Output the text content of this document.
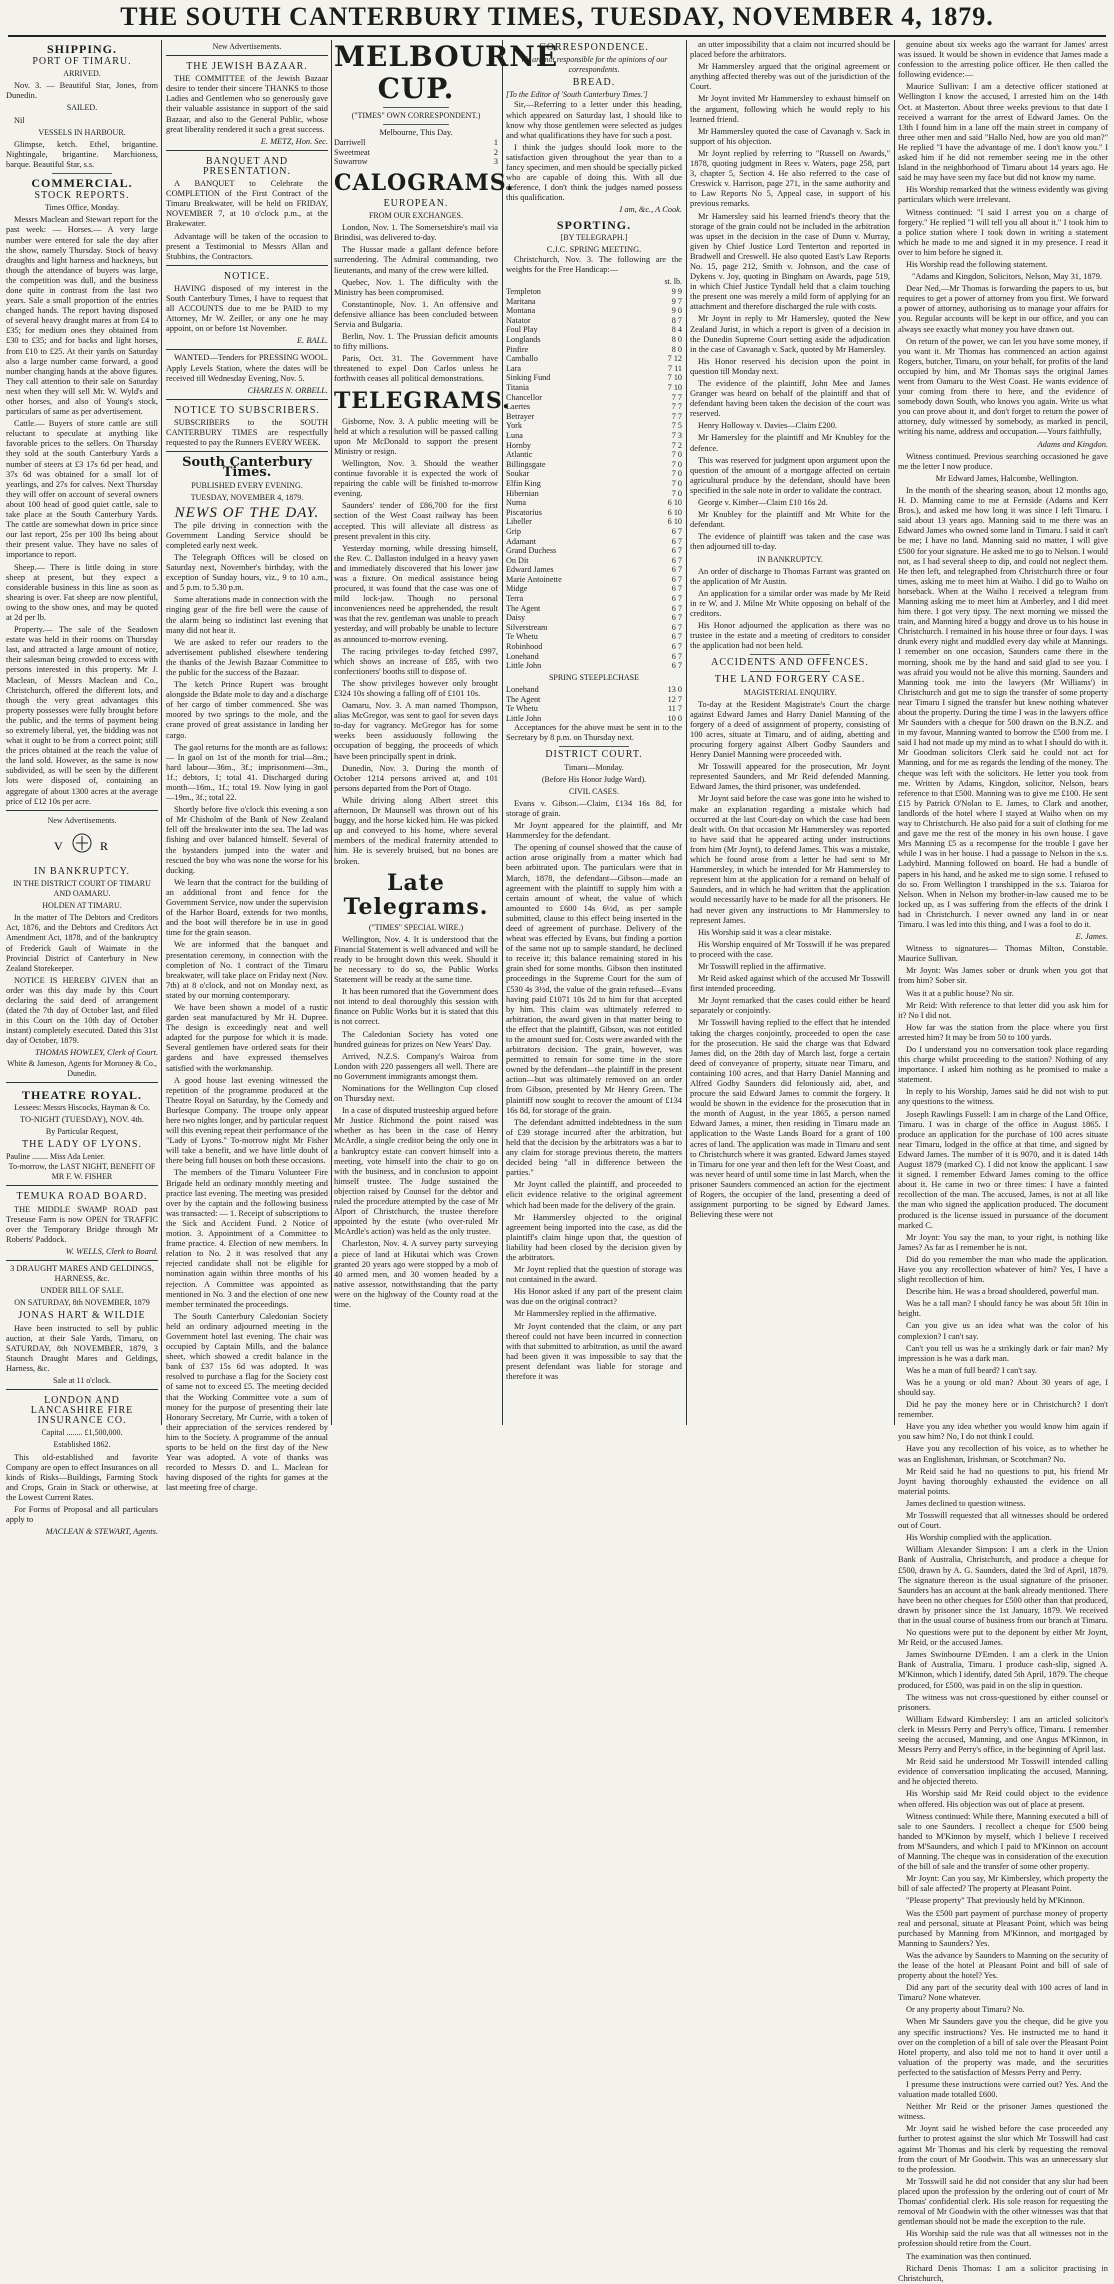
THE SOUTH CANTERBURY TIMES, TUESDAY, NOVEMBER 4, 1879.
SHIPPING.
PORT OF TIMARU.
ARRIVED.

Nov. 3. — Beautiful Star, Jones, from Dunedin.

SAILED.

Nil

VESSELS IN HARBOUR.

Glimpse, ketch. Ethel, brigantine. Nightingale, brigantine. Marchioness, barque. Beautiful Star, s.s.

COMMERCIAL.
STOCK REPORTS.
Times Office, Monday.

Messrs Maclean and Stewart report for the past week: — Horses.— A very large number were entered for sale the day after the show, namely Thursday. Stock of heavy draughts and light harness and hackneys, but though the attendance of buyers was large, the competition was dull, and the business done quite in contrast from the last two years. Sale a small proportion of the entries changed hands. The report having disposed of several heavy draught mares at from £4 to £35; for medium ones they obtained from £30 to £35; and for backs and light horses, from £10 to £25. At their yards on Saturday also a large number came forward, a good number changing hands at the above figures. They call attention to their sale on Saturday next when they will sell Mr. W. Wyld's and other horses, and also of Young's stock, particulars of same as per advertisement.

Cattle.— Buyers of store cattle are still reluctant to speculate at anything like favorable prices to the sellers. On Thursday they sold at the south Canterbury Yards a number of steers at £3 17s 6d per head, and 37s 6d was obtained for a small lot of yearlings, and 27s for calves. Next Thursday they will offer on account of several owners about 100 head of good quiet cattle, sale to take place at the South Canterbury Yards. The cattle are somewhat down in price since our last report, 25s per 100 lbs being about their present value. They have no sales of importance to report.

Sheep.— There is little doing in store sheep at present, but they expect a considerable business in this line as soon as shearing is over. Fat sheep are now plentiful, owing to the show ones, and may be quoted at 2d per lb.

Property.— The sale of the Seadown estate was held in their rooms on Thursday last, and attracted a large amount of notice, their salesman being crowded to excess with persons interested in this property. Mr J. Maclean, of Messrs Maclean and Co., Christchurch, offered the different lots, and though the very great advantages this property possesses were fully brought before the public, and the terms of payment being so extremely liberal, yet, the bidding was not what it ought to be from a correct point; still the prices obtained at the reach the value of the land sold. However, as the same is now subdivided, as will be seen by the different lots were disposed of, containing an aggregate of about 1300 acres at the average price of £12 10s per acre.

New Advertisements.
V	R
IN BANKRUPTCY.
IN THE DISTRICT COURT OF TIMARU AND OAMARU.
HOLDEN AT TIMARU.

In the matter of The Debtors and Creditors Act, 1876, and the Debtors and Creditors Act Amendment Act, 1878, and of the bankruptcy of Frederick Gault of Waimate in the Provincial District of Canterbury in New Zealand Storekeeper.

NOTICE IS HEREBY GIVEN that an order was this day made by this Court declaring the said deed of arrangement (dated the 7th day of October last, and filed in this Court on the 10th day of October instant) completely executed. Dated this 31st day of October, 1879.

THOMAS HOWLEY, Clerk of Court.
White & Jameson, Agents for Moroney & Co., Dunedin.
THEATRE ROYAL.
Lessees: Messrs Hiscocks, Hayman & Co.
TO-NIGHT (TUESDAY), NOV. 4th.
By Particular Request,
THE LADY OF LYONS.
Pauline ........ Miss Ada Lenier.
To-morrow, the LAST NIGHT, BENEFIT OF MR F. W. FISHER
TEMUKA ROAD BOARD.

THE MIDDLE SWAMP ROAD past Treseuse Farm is now OPEN for TRAFFIC over the Temporary Bridge through Mr Roberts' Paddock.

W. WELLS, Clerk to Board.
3 DRAUGHT MARES AND GELDINGS, HARNESS, &c.
UNDER BILL OF SALE.
ON SATURDAY, 8th NOVEMBER, 1879
JONAS HART & WILDIE

Have been instructed to sell by public auction, at their Sale Yards, Timaru, on SATURDAY, 8th NOVEMBER, 1879, 3 Staunch Draught Mares and Geldings, Harness, &c.

Sale at 11 o'clock.
LONDON AND LANCASHIRE FIRE INSURANCE CO.
Capital ........ £1,500,000.
Established 1862.

This old-established and favorite Company are open to effect Insurances on all kinds of Risks—Buildings, Farming Stock and Crops, Grain in Stack or otherwise, at the Lowest Current Rates.

For Forms of Proposal and all particulars apply to

MACLEAN & STEWART, Agents.
New Advertisements.
THE JEWISH BAZAAR.

THE COMMITTEE of the Jewish Bazaar desire to tender their sincere THANKS to those Ladies and Gentlemen who so generously gave their valuable assistance in support of the said Bazaar, and also to the General Public, whose great liberality rendered it such a great success.

E. METZ, Hon. Sec.
BANQUET AND PRESENTATION.

A BANQUET to Celebrate the COMPLETION of the First Contract of the Timaru Breakwater, will be held on FRIDAY, NOVEMBER 7, at 10 o'clock p.m., at the Brakewater.

Advantage will be taken of the occasion to present a Testimonial to Messrs Allan and Stubbins, the Contractors.

NOTICE.

HAVING disposed of my interest in the South Canterbury Times, I have to request that all ACCOUNTS due to me be PAID to my Attorney, Mr W. Zeiller, or any one he may appoint, on or before 1st November.

E. BALL.

WANTED—Tenders for PRESSING WOOL. Apply Levels Station, where the dates will be received till Wednesday Evening, Nov. 5.

CHARLES N. ORBELL.
NOTICE TO SUBSCRIBERS.

SUBSCRIBERS to the SOUTH CANTERBURY TIMES are respectfully requested to pay the Runners EVERY WEEK.

South Canterbury Times.
PUBLISHED EVERY EVENING.
TUESDAY, NOVEMBER 4, 1879.
NEWS OF THE DAY.

The pile driving in connection with the Government Landing Service should be completed early next week.

The Telegraph Offices will be closed on Saturday next, November's birthday, with the exception of Sunday hours, viz., 9 to 10 a.m., and 5 p.m. to 5.30 p.m.

Some alterations made in connection with the ringing gear of the fire bell were the cause of the alarm being so indistinct last evening that many did not hear it.

We are asked to refer our readers to the advertisement published elsewhere tendering the thanks of the Jewish Bazaar Committee to the public for the success of the Bazaar.

The ketch Prince Rupert was brought alongside the Bdate mole to day and a discharge of her cargo of timber commenced. She was moored by two springs to the mole, and the crane proved of great assistance in landing her cargo.

The gaol returns for the month are as follows: — In gaol on 1st of the month for trial—8m.; hard labour—36m., 3f.; imprisonment—3m., 1f.; debtors, 1; total 41. Discharged during month—16m., 1f.; total 19. Now lying in gaol—19m., 3f.; total 22.

Shortly before five o'clock this evening a son of Mr Chisholm of the Bank of New Zealand fell off the breakwater into the sea. The lad was fishing and over balanced himself. Several of the bystanders jumped into the water and rescued the boy who was none the worse for his ducking.

We learn that the contract for the building of an additional front and fence for the Government Service, now under the supervision of the Harbor Board, extends for two months, and the boat will therefore be in use in good time for the grain season.

We are informed that the banquet and presentation ceremony, in connection with the completion of No. 1 contract of the Timaru breakwater, will take place on Friday next (Nov. 7th) at 8 o'clock, and not on Monday next, as stated by our morning contemporary.

We have been shown a model of a rustic garden seat manufactured by Mr H. Dupree. The design is exceedingly neat and well adapted for the purpose for which it is made. Several gentlemen have ordered seats for their gardens and have expressed themselves satisfied with the workmanship.

A good house last evening witnessed the repetition of the programme produced at the Theatre Royal on Saturday, by the Comedy and Burlesque Company. The troupe only appear here two nights longer, and by particular request will this evening repeat their performance of the "Lady of Lyons." To-morrow night Mr Fisher will take a benefit, and we have little doubt of there being full houses on both these occasions.

The members of the Timaru Volunteer Fire Brigade held an ordinary monthly meeting and practice last evening. The meeting was presided over by the captain and the following business was transacted: — 1. Receipt of subscriptions to the Sick and Accident Fund. 2 Notice of motion. 3. Appointment of a Committee to frame practice. 4. Election of new members. In relation to No. 2 it was resolved that any rejected candidate shall not be eligible for nomination again within three months of his rejection. A Committee was appointed as mentioned in No. 3 and the election of one new member terminated the proceedings.

The South Canterbury Caledonian Society held an ordinary adjourned meeting in the Government hotel last evening. The chair was occupied by Captain Mills, and the balance sheet, which showed a credit balance in the bank of £37 15s 6d was adopted. It was resolved to purchase a flag for the Society cost of same not to exceed £5. The meeting decided that the Working Committee vote a sum of money for the purpose of presenting their late Honorary Secretary, Mr Currie, with a token of their appreciation of the services rendered by him to the Society. A programme of the annual sports to be held on the first day of the New Year was adopted. A vote of thanks was recorded to Messrs D. and L. Maclean for having disposed of the rights for games at the last meeting free of charge.

MELBOURNE
CUP.
("TIMES" OWN CORRESPONDENT.)
Melbourne, This Day.
Darriwell	1
Sweetmeat	2
Suwarrow	3
CALOGRAMS.
EUROPEAN.
FROM OUR EXCHANGES.

London, Nov. 1. The Somersetshire's mail via Brindisi, was delivered to-day.

The Hussar made a gallant defence before surrendering. The Admiral commanding, two lieutenants, and many of the crew were killed.

Quebec, Nov. 1. The difficulty with the Ministry has been compromised.

Constantinople, Nov. 1. An offensive and defensive alliance has been concluded between Servia and Bulgaria.

Berlin, Nov. 1. The Prussian deficit amounts to fifty millions.

Paris, Oct. 31. The Government have threatened to expel Don Carlos unless he forthwith ceases all political demonstrations.

TELEGRAMS.

Gisborne, Nov. 3. A public meeting will be held at which a resolution will be passed calling upon Mr McDonald to support the present Ministry or resign.

Wellington, Nov. 3. Should the weather continue favorable it is expected the work of repairing the cable will be finished to-morrow evening.

Saunders' tender of £86,700 for the first section of the West Coast railway has been accepted. This will alleviate all distress as present prevalent in this city.

Yesterday morning, while dressing himself, the Rev. C. Dallaston indulged in a heavy yawn and immediately discovered that his lower jaw was a fixture. On medical assistance being procured, it was found that the case was one of mild lock-jaw. Though no personal inconveniences need be apprehended, the result was that the rev. gentleman was unable to preach yesterday, and will probably be unable to lecture as announced to-morrow evening.

The racing privileges to-day fetched £997, which shows an increase of £85, with two confectioners' booths still to dispose of.

The show privileges however only brought £324 10s showing a falling off of £101 10s.

Oamaru, Nov. 3. A man named Thompson, alias McGregor, was sent to gaol for seven days to-day for vagrancy. McGregor has for some weeks been assiduously following the occupation of begging, the proceeds of which have been principally spent in drink.

Dunedin, Nov. 3. During the month of October 1214 persons arrived at, and 101 persons departed from the Port of Otago.

While driving along Albert street this afternoon, Dr Maunsell was thrown out of his buggy, and the horse kicked him. He was picked up and conveyed to his home, where several members of the medical fraternity attended to him. He is severely bruised, but no bones are broken.

Late Telegrams.
("TIMES" SPECIAL WIRE.)

Wellington, Nov. 4. It is understood that the Financial Statement is well advanced and will be ready to be brought down this week. Should it be necessary to do so, the Public Works Statement will be ready at the same time.

It has been rumored that the Government does not intend to deal thoroughly this session with finance on Public Works but it is stated that this is not correct.

The Caledonian Society has voted one hundred guineas for prizes on New Years' Day.

Arrived, N.Z.S. Company's Wairoa from London with 220 passengers all well. There are no Government immigrants amongst them.

Nominations for the Wellington Cup closed on Thursday next.

In a case of disputed trusteeship argued before Mr Justice Richmond the point raised was whether as has been in the case of Henry McArdle, a single creditor being the only one in a bankruptcy estate can convert himself into a meeting, vote himself into the chair to go on with the business, and in conclusion to appoint himself trustee. The Judge sustained the objection raised by Counsel for the debtor and ruled the procedure attempted by the case of Mr Alport of Christchurch, the trustee therefore appointed by the estate (who over-ruled Mr McArdle's action) was held as the only trustee.

Charleston, Nov. 4. A survey party surveying a piece of land at Hikutai which was Crown granted 20 years ago were stopped by a mob of 40 armed men, and 30 women headed by a native assessor, notwithstanding that the party were on the highway of the County road at the time.

CORRESPONDENCE.
We are not responsible for the opinions of our correspondents.
BREAD.
[To the Editor of 'South Canterbury Times.']

Sir,—Referring to a letter under this heading, which appeared on Saturday last, I should like to know why those gentlemen were selected as judges and what qualifications they have for such a post.

I think the judges should look more to the satisfaction given throughout the year than to a fancy specimen, and men should be specially picked who are capable of doing this. With all due deference, I don't think the judges named possess this qualification.

I am, &c., A Cook.
SPORTING.
[BY TELEGRAPH.]
C.J.C. SPRING MEETING.

Christchurch, Nov. 3. The following are the weights for the Free Handicap:—

st. lb.
Templeton	9 9
Maritana	9 7
Montana	9 0
Natator	8 7
Foul Play	8 4
Longlands	8 0
Pinfire	8 0
Camballo	7 12
Lara	7 11
Sinking Fund	7 10
Titania	7 10
Chancellor	7 7
Laertes	7 7
Betrayer	7 7
York	7 5
Luna	7 3
Hornby	7 2
Atlantic	7 0
Billingsgate	7 0
Soukar	7 0
Elfin King	7 0
Hibernian	7 0
Numa	6 10
Piscatorius	6 10
Libeller	6 10
Grip	6 7
Adamant	6 7
Grand Duchess	6 7
On Dit	6 7
Edward James	6 7
Marie Antoinette	6 7
Midge	6 7
Terra	6 7
The Agent	6 7
Daisy	6 7
Silverstream	6 7
Te Whetu	6 7
Robinhood	6 7
Lonehand	6 7
Little John	6 7
SPRING STEEPLECHASE
Lonehand	13 0
The Agent	12 7
Te Whetu	11 7
Little John	10 0

Acceptances for the above must be sent in to the Secretary by 8 p.m. on Thursday next.

DISTRICT COURT.
Timaru—Monday.
(Before His Honor Judge Ward).
CIVIL CASES.

Evans v. Gibson.—Claim, £134 16s 8d, for storage of grain.

Mr Joynt appeared for the plaintiff, and Mr Hammersley for the defendant.

The opening of counsel showed that the cause of action arose originally from a matter which had been arbitrated upon. The particulars were that in March, 1878, the defendant—Gibson—made an agreement with the plaintiff to supply him with a certain amount of wheat, the value of which amounted to £600 14s 6½d, as per sample submitted, clause to this effect being inserted in the deed of agreement of purchase. Delivery of the wheat was effected by Evans, but finding a portion of the same not up to sample standard, he declined to receive it; this balance remaining stored in his grain shed for some months. Gibson then instituted proceedings in the Supreme Court for the sum of £530 4s 3½d, the value of the grain refused—Evans having paid £1071 10s 2d to him for that accepted by him. This claim was ultimately referred to arbitration, the award given in that matter being to the effect that the plaintiff, Gibson, was not entitled to the amount sued for. Costs were awarded with the arbitrators decision. The grain, however, was permitted to remain for some time in the store owned by the defendant—the plaintiff in the present action—but was ultimately removed on an order from Gibson, presented by Mr Henry Green. The plaintiff now sought to recover the amount of £134 16s 8d, for storage of the grain.

The defendant admitted indebtedness in the sum of £39 storage incurred after the arbitration, but held that the decision by the arbitrators was a bar to any claim for storage previous thereto, the matters decided being "all in difference between the parties."

Mr Joynt called the plaintiff, and proceeded to elicit evidence relative to the original agreement which had been made for the delivery of the grain.

Mr Hammersley objected to the original agreement being imported into the case, as did the plaintiff's claim hinge upon that, the question of liability had been closed by the decision given by the arbitrators.

Mr Joynt replied that the question of storage was not contained in the award.

His Honor asked if any part of the present claim was due on the original contract?

Mr Hammersley replied in the affirmative.

Mr Joynt contended that the claim, or any part thereof could not have been incurred in connection with that submitted to arbitration, as until the award had been given it was impossible to say that the present defendant was liable for storage and therefore it was

an utter impossibility that a claim not incurred should be placed before the arbitrators.

Mr Hammersley argued that the original agreement or anything affected thereby was out of the jurisdiction of the Court.

Mr Joynt invited Mr Hammersley to exhaust himself on the argument, following which he would reply to his learned friend.

Mr Hammersley quoted the case of Cavanagh v. Sack in support of his objection.

Mr Joynt replied by referring to "Russell on Awards," 1878, quoting judgment in Rees v. Waters, page 258, part 3, chapter 5, Section 4. He also referred to the case of Creswick v. Harrison, page 271, in the same authority and to Law Reports No 5, Appeal case, in support of his previous remarks.

Mr Hamersley said his learned friend's theory that the storage of the grain could not be included in the arbitration was upset in the decision in the case of Dunn v. Murray, given by Chief Justice Lord Tenterton and reported in Bradwell and Creswell. He also quoted East's Law Reports No. 15, page 212, Smith v. Johnson, and the case of Dykens v. Joy, quoting in Bingham on Awards, page 519, in which Chief Justice Tyndall held that a claim touching the present one was merely a mild form of applying for an attachment and therefore discharged the rule with costs.

Mr Joynt in reply to Mr Hamersley, quoted the New Zealand Jurist, in which a report is given of a decision in the Dunedin Supreme Court setting aside the adjudication in the case of Cavanagh v. Sack, quoted by Mr Hamersley.

His Honor reserved his decision upon the point in question till Monday next.

The evidence of the plaintiff, John Mee and James Granger was heard on behalf of the plaintiff and that of defendant having been taken the decision of the court was reserved.

Henry Holloway v. Davies—Claim £200.

Mr Hamersley for the plaintiff and Mr Knubley for the defence.

This was reserved for judgment upon argument upon the question of the amount of a mortgage affected on certain agricultural produce by the defendant, should have been specified in the sale note in order to validate the contract.

George v. Kimber—Claim £10 16s 2d.

Mr Knubley for the plaintiff and Mr White for the defendant.

The evidence of plaintiff was taken and the case was then adjourned till to-day.

IN BANKRUPTCY.

An order of discharge to Thomas Farrant was granted on the application of Mr Austin.

An application for a similar order was made by Mr Reid in re W. and J. Milne Mr White opposing on behalf of the creditors.

His Honor adjourned the application as there was no trustee in the estate and a meeting of creditors to consider the application had not been held.

ACCIDENTS AND OFFENCES.
THE LAND FORGERY CASE.
MAGISTERIAL ENQUIRY.

To-day at the Resident Magistrate's Court the charge against Edward James and Harry Daniel Manning of the forgery of a deed of assignment of property, consisting of 100 acres, situate at Timaru, and of aiding, abetting and procuring forgery against Albert Godby Saunders and Henry Daniel Manning were proceeded with.

Mr Tosswill appeared for the prosecution, Mr Joynt represented Saunders, and Mr Reid defended Manning. Edward James, the third prisoner, was undefended.

Mr Joynt said before the case was gone into he wished to make an explanation regarding a mistake which had occurred at the last Court-day on which the case had been dealt with. On that occasion Mr Hammersley was reported to have said that he appeared acting under instructions from him (Mr Joynt), to defend James. This was a mistake, which he found arose from a letter he had sent to Mr Hammersley, in which he intended for Mr Hammersley to represent him at the application for a remand on behalf of Saunders, and in which he had written that the application would necessarily have to be made for all the prisoners. He had never given any instructions to Mr Hammersley to represent James.

His Worship said it was a clear mistake.

His Worship enquired of Mr Tosswill if he was prepared to proceed with the case.

Mr Tosswill replied in the affirmative.

Mr Reid asked against which of the accused Mr Tosswill first intended proceeding.

Mr Joynt remarked that the cases could either be heard separately or conjointly.

Mr Tosswill having replied to the effect that he intended taking the charges conjointly, proceeded to open the case for the prosecution. He said the charge was that Edward James did, on the 28th day of March last, forge a certain deed of conveyance of property, situate near Timaru, and containing 100 acres, and that Harry Daniel Manning and Alfred Godby Saunders did feloniously aid, abet, and procure the said Edward James to commit the forgery. It would be shown in the evidence for the prosecution that in the month of August, in the year 1865, a person named Edward James, a miner, then residing in Timaru made an application to the Waste Lands Board for a grant of 100 acres of land. The application was made in Timaru and sent to Christchurch where it was granted. Edward James stayed in Timaru for one year and then left for the West Coast, and was never heard of until some time in last March, when the prisoner Saunders commenced an action for the ejectment of Rogers, the occupier of the land, presenting a deed of assignment purporting to be signed by Edward James. Believing these were not

genuine about six weeks ago the warrant for James' arrest was issued. It would be shown in evidence that James made a confession to the arresting police officer. He then called the following evidence:—

Maurice Sullivan: I am a detective officer stationed at Wellington I know the accused, I arrested him on the 14th Oct. at Masterton. About three weeks previous to that date I received a warrant for the arrest of Edward James. On the 13th I found him in a lane off the main street in company of three other men and said "Hallo Ned, how are you old man?" He replied "I have the advantage of me. I don't know you." I asked him if he did not remember seeing me in the other Island in the neighborhood of Timaru about 14 years ago. He said he may have seen my face but did not know my name.

His Worship remarked that the witness evidently was giving particulars which were irrelevant.

Witness continued: "I said I arrest you on a charge of forgery." He replied "I will tell you all about it." I took him to a police station where I took down in writing a statement which he made to me and signed it in my presence. I read it over to him before he signed it.

His Worship read the following statement.

"Adams and Kingdon, Solicitors, Nelson, May 31, 1879.

Dear Ned,—Mr Thomas is forwarding the papers to us, but requires to get a power of attorney from you first. We forward a power of attorney, authorising us to manage your affairs for you. Regular accounts will be kept in our office, and you can always see exactly what money you have drawn out.

On return of the power, we can let you have some money, if you want it. Mr Thomas has commenced an action against Rogers, butcher, Timaru, on your behalf, for profits of the land occupied by him, and Mr Thomas says the original James went from Oamaru to the West Coast. He wants evidence of your coming from there to here, and the evidence of somebody down South, who knows you again. Write us what you can prove about it, and don't forget to return the power of attorney, duly witnessed by somebody, as marked in pencil, writing his name, address and occupation.—Yours faithfully,

Adams and Kingdon.

Witness continued. Previous searching occasioned he gave me the letter I now produce.

Mr Edward James, Halcombe, Wellington.

In the month of the shearing season, about 12 months ago, H. D. Manning came to me at Fernside (Adams and Kerr Bros.), and asked me how long it was since I left Timaru. I said about 13 years ago. Manning said to me there was an Edward James who owned some land in Timaru. I said it can't be me; I have no land. Manning said no matter, I will give £500 for your signature. He asked me to go to Nelson. I would not, as I had several sheep to dip, and could not neglect them. He then left, and telegraphed from Christchurch three or four times, asking me to meet him at Waiho. I did go to Waiho on horseback. When at the Waiho I received a telegram from Manning asking me to meet him at Amberley, and I did meet him there. I got very tipsy. The next morning we missed the train, and Manning hired a buggy and drove us to his house in Christchurch. I remained in his house three or four days. I was drunk every night and muddled every day while at Mannings. I remember on one occasion, Saunders came there in the morning, shook me by the hand and said glad to see you. I was afraid you would not be alive this morning. Saunders and Manning took me into the lawyers (Mr Williams') in Christchurch and got me to sign the transfer of some property near Timaru I signed the transfer but knew nothing whatever about the property. During the time I was in the lawyers office Mr Saunders with a cheque for 500 drawn on the B.N.Z. and in my favour, Manning wanted to borrow the £500 from me. I said I had not made up my mind as to what I should do with it. Mr Goodman solicitors Clerk said he could not act for Manning, and for me as regards the lending of the money. The cheque was left with the solicitors. He letter you took from me. Written by Adams, Kingdon, solicitor, Nelson, bears reference to that £500. Manning was to give me £100. He sent £15 by Patrick O'Nolan to E. James, to Clark and another, landlords of the hotel where I stayed at Waiho when on my way to Christchurch. He also paid for a suit of clothing for me and gave me the rest of the money in his own house. I gave Mrs Manning £5 as a recompense for the trouble I gave her while I was in her house. I had a passage to Nelson in the s.s. Ladybird. Manning followed on board. He had a bundle of papers in his hand, and he asked me to sign some. I refused to do so. From Wellington I transhipped in the s.s. Taiaroa for Nelson. When in Nelson my brother-in-law caused me to be locked up, as I was suffering from the effects of the drink I had in Christchurch. I never owned any land in or near Timaru. I was led into this thing, and I was a fool to do it.

E. James.

Witness to signatures— Thomas Milton, Constable. Maurice Sullivan.

Mr Joynt: Was James sober or drunk when you got that from him? Sober sir.

Was it at a public house? No sir.

Mr Reid: With reference to that letter did you ask him for it? No I did not.

How far was the station from the place where you first arrested him? It may be from 50 to 100 yards.

Do I understand you no conversation took place regarding this charge whilst proceeding to the station? Nothing of any importance. I asked him nothing as he promised to make a statement.

In reply to his Worship, James said he did not wish to put any questions to the witness.

Joseph Rawlings Fussell: I am in charge of the Land Office, Timaru. I was in charge of the office in August 1865. I produce an application for the purchase of 100 acres situate near Timaru, lodged in the office at that time, and signed by Edward James. The number of it is 9070, and it is dated 14th August 1879 (marked C). I did not know the applicant. I saw it signed. I remember Edward James coming to the office about it. He came in two or three times: I have a fainted recollection of the man. The accused, James, is not at all like the man who signed the application produced. The document produced is the license issued in pursuance of the document marked C.

Mr Joynt: You say the man, to your right, is nothing like James? As far as I remember he is not.

Did do you remember the man who made the application. Have you any recollection whatever of him? Yes, I have a slight recollection of him.

Describe him. He was a broad shouldered, powerful man.

Was he a tall man? I should fancy he was about 5ft 10in in height.

Can you give us an idea what was the color of his complexion? I can't say.

Can't you tell us was he a strikingly dark or fair man? My impression is he was a dark man.

Was he a man of full beard? I can't say.

Was he a young or old man? About 30 years of age, I should say.

Did he pay the money here or in Christchurch? I don't remember.

Have you any idea whether you would know him again if you saw him? No, I do not think I could.

Have you any recollection of his voice, as to whether he was an Englishman, Irishman, or Scotchman? No.

Mr Reid said he had no questions to put, his friend Mr Joynt having thoroughly exhausted the evidence on all material points.

James declined to question witness.

Mr Tosswill requested that all witnesses should be ordered out of Court.

His Worship complied with the application.

William Alexander Simpson: I am a clerk in the Union Bank of Australia, Christchurch, and produce a cheque for £500, drawn by A. G. Saunders, dated the 3rd of April, 1879. The signature thereon is the usual signature of the prisoner. Saunders has an account at the bank already mentioned. There have been no other cheques for £500 other than that produced, drawn by prisoner since the 1st January, 1879. We received that in the usual course of business from our branch at Timaru.

No questions were put to the deponent by either Mr Joynt, Mr Reid, or the accused James.

James Swinbourne D'Emden. I am a clerk in the Union Bank of Australia, Timaru. I produce cash-slip, signed A. M'Kinnon, which I identify, dated 5th April, 1879. The cheque produced, for £500, was paid in on the slip in question.

The witness was not cross-questioned by either counsel or prisoners.

William Edward Kimbersley: I am an articled solicitor's clerk in Messrs Perry and Perry's office, Timaru. I remember seeing the accused, Manning, and one Angus M'Kinnon, in Messrs Perry and Perry's office, in the beginning of April last.

Mr Reid said he understood Mr Tosswill intended calling evidence of conversation implicating the accused, Manning, and he objected thereto.

His Worship said Mr Reid could object to the evidence when offered. His objection was out of place at present.

Witness continued: While there, Manning executed a bill of sale to one Saunders. I recollect a cheque for £500 being handed to M'Kinnon by myself, which I believe I received from M'Saunders, and which I paid to M'Kinnon on account of Manning. The cheque was in consideration of the execution of the bill of sale and the transfer of some other property.

Mr Joynt: Can you say, Mr Kimbersley, which property the bill of sale affected? The property at Pleasant Point.

"Please property" That previously held by M'Kinnon.

Was the £500 part payment of purchase money of property real and personal, situate at Pleasant Point, which was being purchased by Manning from M'Kinnon, and mortgaged by Manning to Saunders? Yes.

Was the advance by Saunders to Manning on the security of the lease of the hotel at Pleasant Point and bill of sale of property about the hotel? Yes.

Did any part of the security deal with 100 acres of land in Timaru? None whatever.

Or any property about Timaru? No.

When Mr Saunders gave you the cheque, did he give you any specific instructions? Yes. He instructed me to hand it over on the completion of a bill of sale over the Pleasant Point Hotel property, and also told me not to hand it over until a valuation of the property was made, and the securities perfected to the satisfaction of Messrs Perry and Perry.

I presume these instructions were carried out? Yes. And the valuation made totalled £600.

Neither Mr Reid or the prisoner James questioned the witness.

Mr Joynt said he wished before the case proceeded any further to protest against the slur which Mr Tosswill had cast against Mr Thomas and his clerk by requesting the removal from the court of Mr Goodwin. This was an unnecessary slur to the profession.

Mr Tosswill said he did not consider that any slur had been placed upon the profession by the ordering out of court of Mr Thomas' confidential clerk. His sole reason for requesting the removal of Mr Goodwin with the other witnesses was that that gentleman should not be made the exception to the rule.

His Worship said the rule was that all witnesses not in the profession should retire from the Court.

The examination was then continued.

Richard Denis Thomas: I am a solicitor practising in Christchurch,
